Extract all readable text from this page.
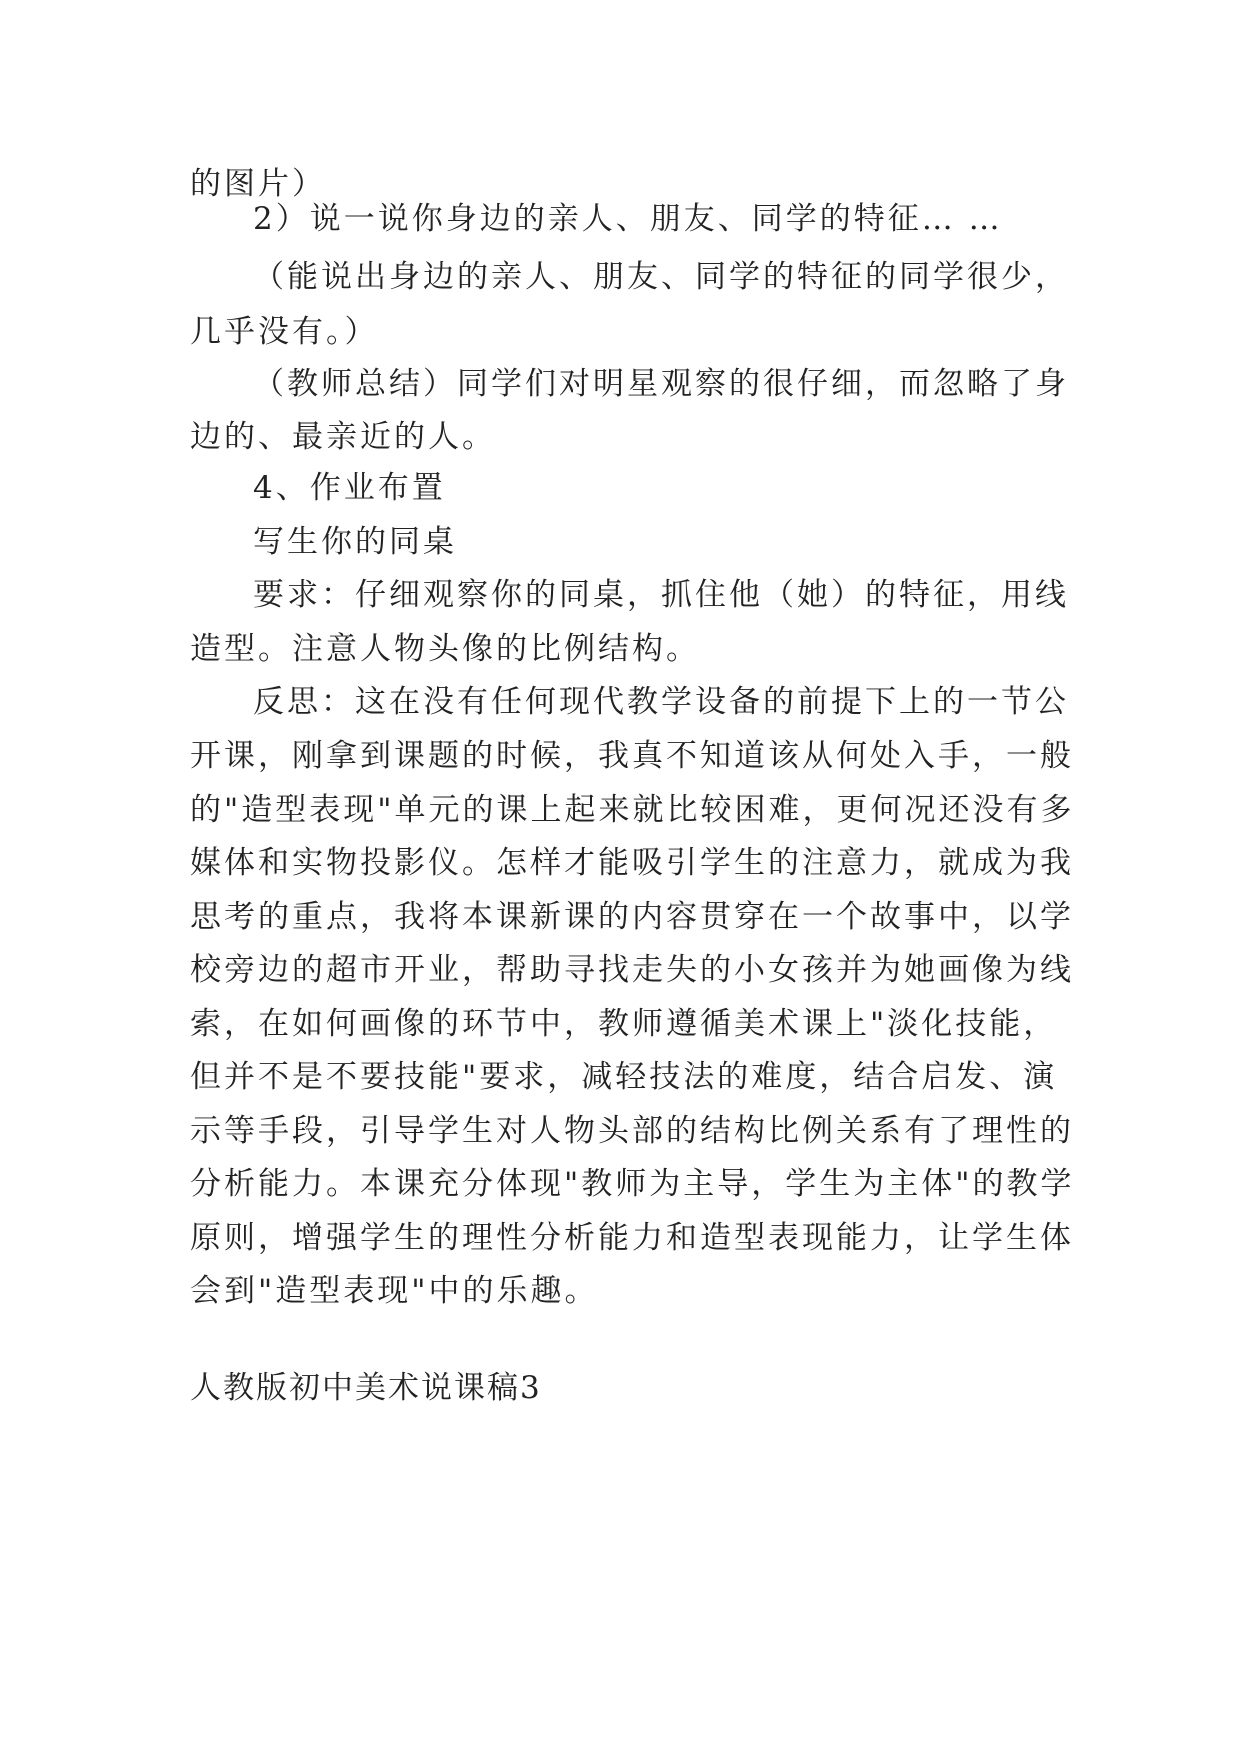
的图片）
2）说一说你身边的亲人、朋友、同学的特征… …
（能说出身边的亲人、朋友、同学的特征的同学很少，
几乎没有。）
（教师总结）同学们对明星观察的很仔细，而忽略了身
边的、最亲近的人。
4、作业布置
写生你的同桌
要求：仔细观察你的同桌，抓住他（她）的特征，用线
造型。注意人物头像的比例结构。
反思：这在没有任何现代教学设备的前提下上的一节公
开课，刚拿到课题的时候，我真不知道该从何处入手，一般
的"造型表现"单元的课上起来就比较困难，更何况还没有多
媒体和实物投影仪。怎样才能吸引学生的注意力，就成为我
思考的重点，我将本课新课的内容贯穿在一个故事中，以学
校旁边的超市开业，帮助寻找走失的小女孩并为她画像为线
索，在如何画像的环节中，教师遵循美术课上"淡化技能，
但并不是不要技能"要求，减轻技法的难度，结合启发、演
示等手段，引导学生对人物头部的结构比例关系有了理性的
分析能力。本课充分体现"教师为主导，学生为主体"的教学
原则，增强学生的理性分析能力和造型表现能力，让学生体
会到"造型表现"中的乐趣。
人教版初中美术说课稿3
